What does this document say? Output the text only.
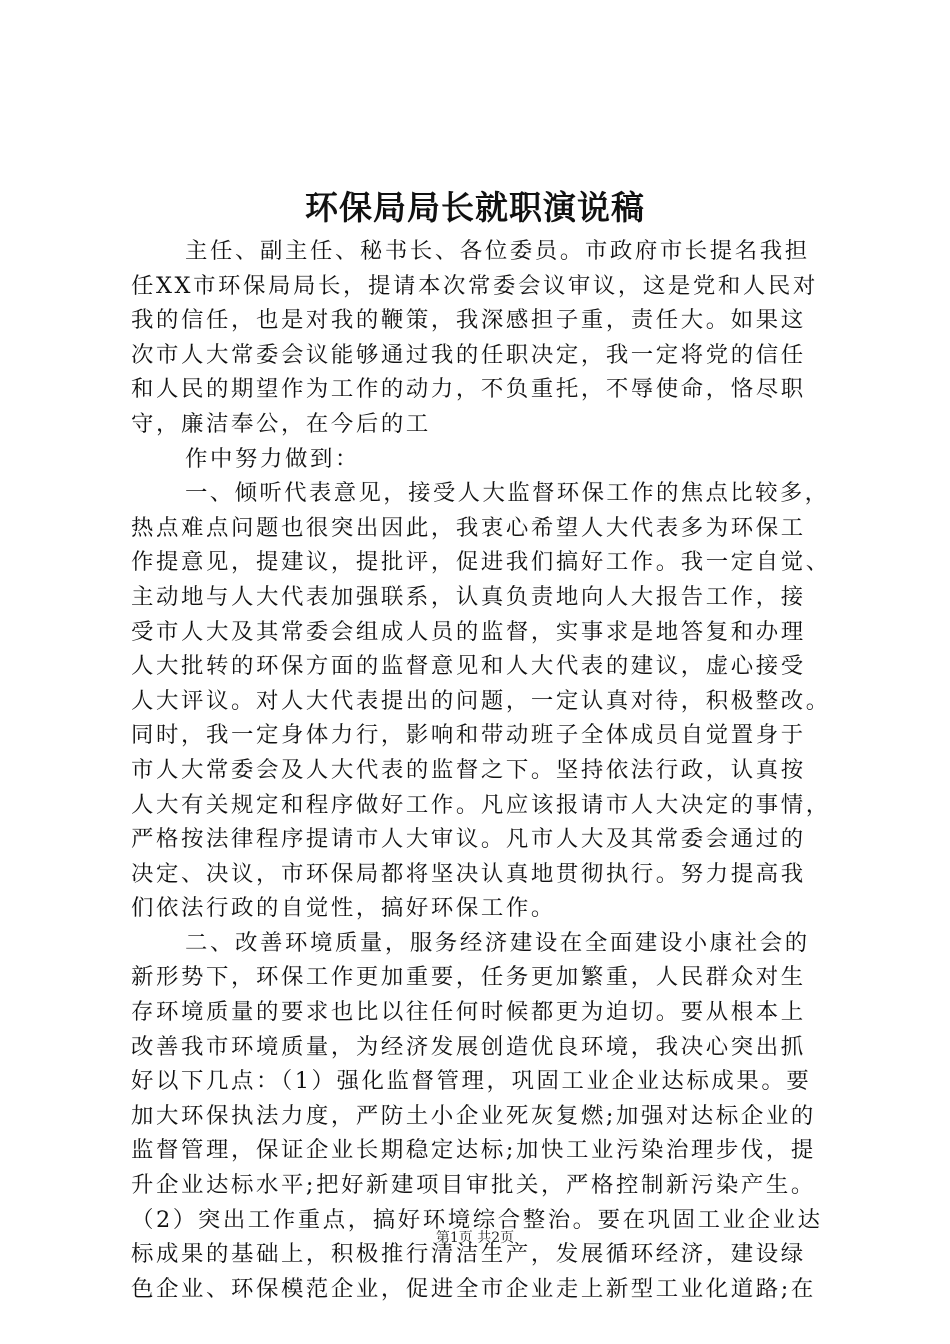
环保局局长就职演说稿
主任、副主任、秘书长、各位委员。市政府市长提名我担
任XX市环保局局长，提请本次常委会议审议，这是党和人民对
我的信任，也是对我的鞭策，我深感担子重，责任大。如果这
次市人大常委会议能够通过我的任职决定，我一定将党的信任
和人民的期望作为工作的动力，不负重托，不辱使命，恪尽职
守，廉洁奉公，在今后的工
作中努力做到：
一、倾听代表意见，接受人大监督环保工作的焦点比较多，
热点难点问题也很突出因此，我衷心希望人大代表多为环保工
作提意见，提建议，提批评，促进我们搞好工作。我一定自觉、
主动地与人大代表加强联系，认真负责地向人大报告工作，接
受市人大及其常委会组成人员的监督，实事求是地答复和办理
人大批转的环保方面的监督意见和人大代表的建议，虚心接受
人大评议。对人大代表提出的问题，一定认真对待，积极整改。
同时，我一定身体力行，影响和带动班子全体成员自觉置身于
市人大常委会及人大代表的监督之下。坚持依法行政，认真按
人大有关规定和程序做好工作。凡应该报请市人大决定的事情，
严格按法律程序提请市人大审议。凡市人大及其常委会通过的
决定、决议，市环保局都将坚决认真地贯彻执行。努力提高我
们依法行政的自觉性，搞好环保工作。
二、改善环境质量，服务经济建设在全面建设小康社会的
新形势下，环保工作更加重要，任务更加繁重，人民群众对生
存环境质量的要求也比以往任何时候都更为迫切。要从根本上
改善我市环境质量，为经济发展创造优良环境，我决心突出抓
好以下几点：（1）强化监督管理，巩固工业企业达标成果。要
加大环保执法力度，严防土小企业死灰复燃;加强对达标企业的
监督管理，保证企业长期稳定达标;加快工业污染治理步伐，提
升企业达标水平;把好新建项目审批关，严格控制新污染产生。
（2）突出工作重点，搞好环境综合整治。要在巩固工业企业达
标成果的基础上，积极推行清洁生产，发展循环经济，建设绿
色企业、环保模范企业，促进全市企业走上新型工业化道路;在
第1页 共2页
